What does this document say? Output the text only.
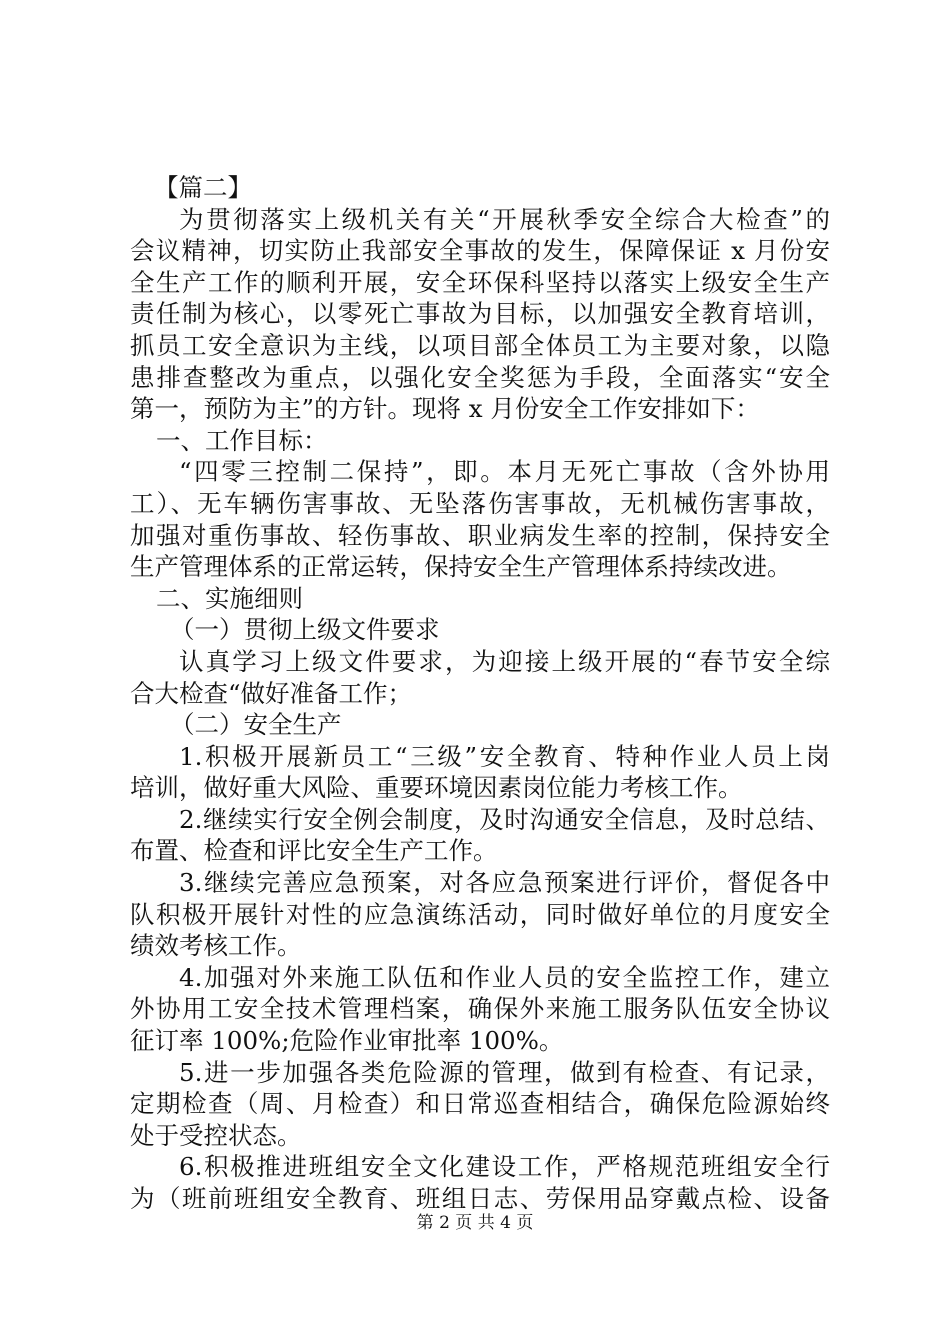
【篇二】
为贯彻落实上级机关有关“开展秋季安全综合大检查”的
会议精神，切实防止我部安全事故的发生，保障保证 x 月份安
全生产工作的顺利开展，安全环保科坚持以落实上级安全生产
责任制为核心，以零死亡事故为目标，以加强安全教育培训，
抓员工安全意识为主线，以项目部全体员工为主要对象，以隐
患排查整改为重点，以强化安全奖惩为手段，全面落实“安全
第一，预防为主”的方针。现将 x 月份安全工作安排如下：
一、工作目标：
“四零三控制二保持”，即。本月无死亡事故（含外协用
工）、无车辆伤害事故、无坠落伤害事故，无机械伤害事故，
加强对重伤事故、轻伤事故、职业病发生率的控制，保持安全
生产管理体系的正常运转，保持安全生产管理体系持续改进。
二、实施细则
（一）贯彻上级文件要求
认真学习上级文件要求，为迎接上级开展的“春节安全综
合大检查“做好准备工作；
（二）安全生产
1.积极开展新员工“三级”安全教育、特种作业人员上岗
培训，做好重大风险、重要环境因素岗位能力考核工作。
2.继续实行安全例会制度，及时沟通安全信息，及时总结、
布置、检查和评比安全生产工作。
3.继续完善应急预案，对各应急预案进行评价，督促各中
队积极开展针对性的应急演练活动，同时做好单位的月度安全
绩效考核工作。
4.加强对外来施工队伍和作业人员的安全监控工作，建立
外协用工安全技术管理档案，确保外来施工服务队伍安全协议
征订率 100%;危险作业审批率 100%。
5.进一步加强各类危险源的管理，做到有检查、有记录，
定期检查（周、月检查）和日常巡查相结合，确保危险源始终
处于受控状态。
6.积极推进班组安全文化建设工作，严格规范班组安全行
为（班前班组安全教育、班组日志、劳保用品穿戴点检、设备
第 2 页 共 4 页
